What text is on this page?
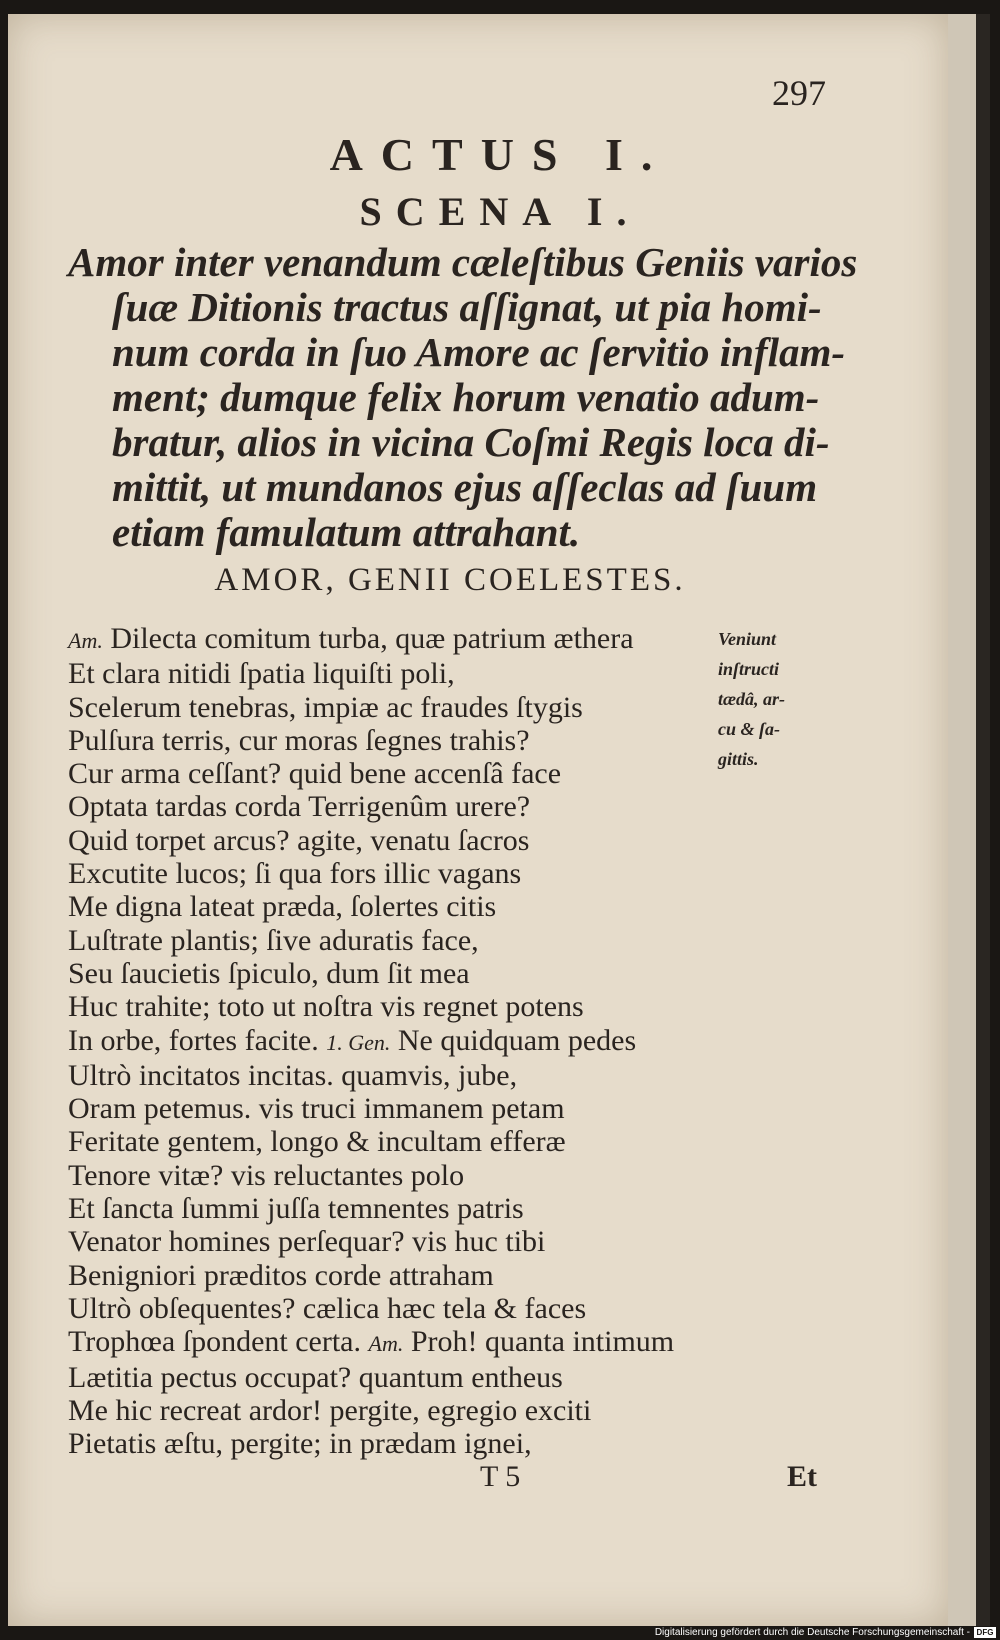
297
ACTUS I.
SCENA I.
Amor inter venandum cæleſtibus Geniis varios
ſuæ Ditionis tractus aſſignat, ut pia homi-
num corda in ſuo Amore ac ſervitio inflam-
ment; dumque felix horum venatio adum-
bratur, alios in vicina Coſmi Regis loca di-
mittit, ut mundanos ejus aſſeclas ad ſuum
etiam famulatum attrahant.
AMOR, GENII COELESTES.
Am. Dilecta comitum turba, quæ patrium æthera
Et clara nitidi ſpatia liquiſti poli,
Scelerum tenebras, impiæ ac fraudes ſtygis
Pulſura terris, cur moras ſegnes trahis?
Cur arma ceſſant? quid bene accenſâ face
Optata tardas corda Terrigenûm urere?
Quid torpet arcus? agite, venatu ſacros
Excutite lucos; ſi qua fors illic vagans
Me digna lateat præda, ſolertes citis
Luſtrate plantis; ſive aduratis face,
Seu ſaucietis ſpiculo, dum ſit mea
Huc trahite; toto ut noſtra vis regnet potens
In orbe, fortes facite. 1. Gen. Ne quidquam pedes
Ultrò incitatos incitas. quamvis, jube,
Oram petemus. vis truci immanem petam
Feritate gentem, longo & incultam efferæ
Tenore vitæ? vis reluctantes polo
Et ſancta ſummi juſſa temnentes patris
Venator homines perſequar? vis huc tibi
Benigniori præditos corde attraham
Ultrò obſequentes? cælica hæc tela & faces
Trophœa ſpondent certa. Am. Proh! quanta intimum
Lætitia pectus occupat? quantum entheus
Me hic recreat ardor! pergite, egregio exciti
Pietatis æſtu, pergite; in prædam ignei,
Veniunt
inſtructi
tædâ, ar-
cu & ſa-
gittis.
T 5	Et
Digitalisierung gefördert durch die Deutsche Forschungsgemeinschaft - DFG
